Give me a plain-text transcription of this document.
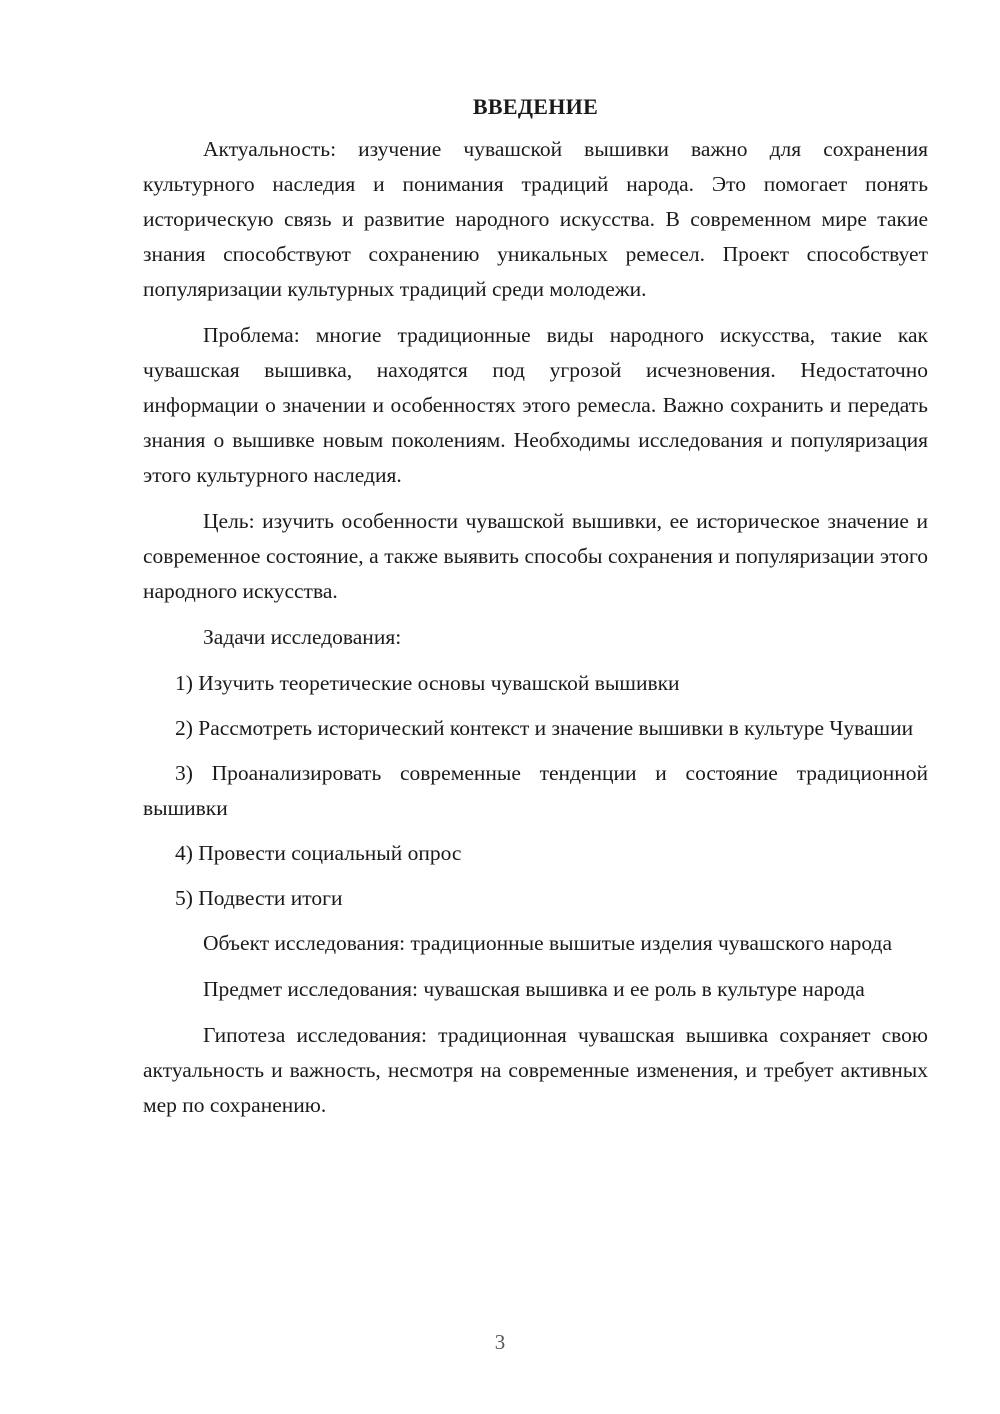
ВВЕДЕНИЕ

Актуальность: изучение чувашской вышивки важно для сохранения культурного наследия и понимания традиций народа. Это помогает понять историческую связь и развитие народного искусства. В современном мире такие знания способствуют сохранению уникальных ремесел. Проект способствует популяризации культурных традиций среди молодежи.

Проблема: многие традиционные виды народного искусства, такие как чувашская вышивка, находятся под угрозой исчезновения. Недостаточно информации о значении и особенностях этого ремесла. Важно сохранить и передать знания о вышивке новым поколениям. Необходимы исследования и популяризация этого культурного наследия.

Цель: изучить особенности чувашской вышивки, ее историческое значение и современное состояние, а также выявить способы сохранения и популяризации этого народного искусства.

Задачи исследования:

1) Изучить теоретические основы чувашской вышивки

2) Рассмотреть исторический контекст и значение вышивки в культуре Чувашии

3) Проанализировать современные тенденции и состояние традиционной вышивки

4) Провести социальный опрос

5) Подвести итоги

Объект исследования: традиционные вышитые изделия чувашского народа

Предмет исследования: чувашская вышивка и ее роль в культуре народа

Гипотеза исследования: традиционная чувашская вышивка сохраняет свою актуальность и важность, несмотря на современные изменения, и требует активных мер по сохранению.

3
